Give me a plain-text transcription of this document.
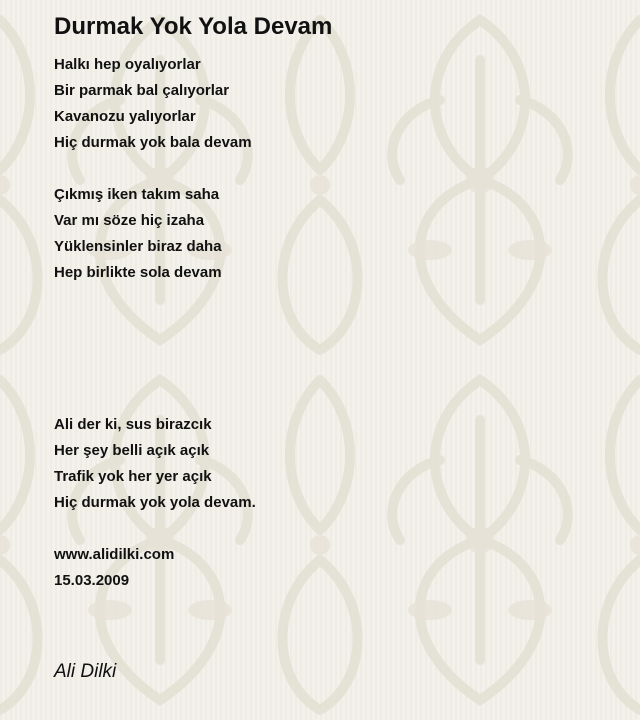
Durmak Yok Yola Devam
Halkı hep oyalıyorlar
Bir parmak bal çalıyorlar
Kavanozu yalıyorlar
Hiç durmak yok bala devam
Çıkmış iken takım saha
Var mı söze hiç izaha
Yüklensinler biraz daha
Hep birlikte sola devam
Ali der ki, sus birazcık
Her şey belli açık açık
Trafik yok her yer açık
Hiç durmak yok yola devam.
www.alidilki.com
15.03.2009
Ali Dilki
